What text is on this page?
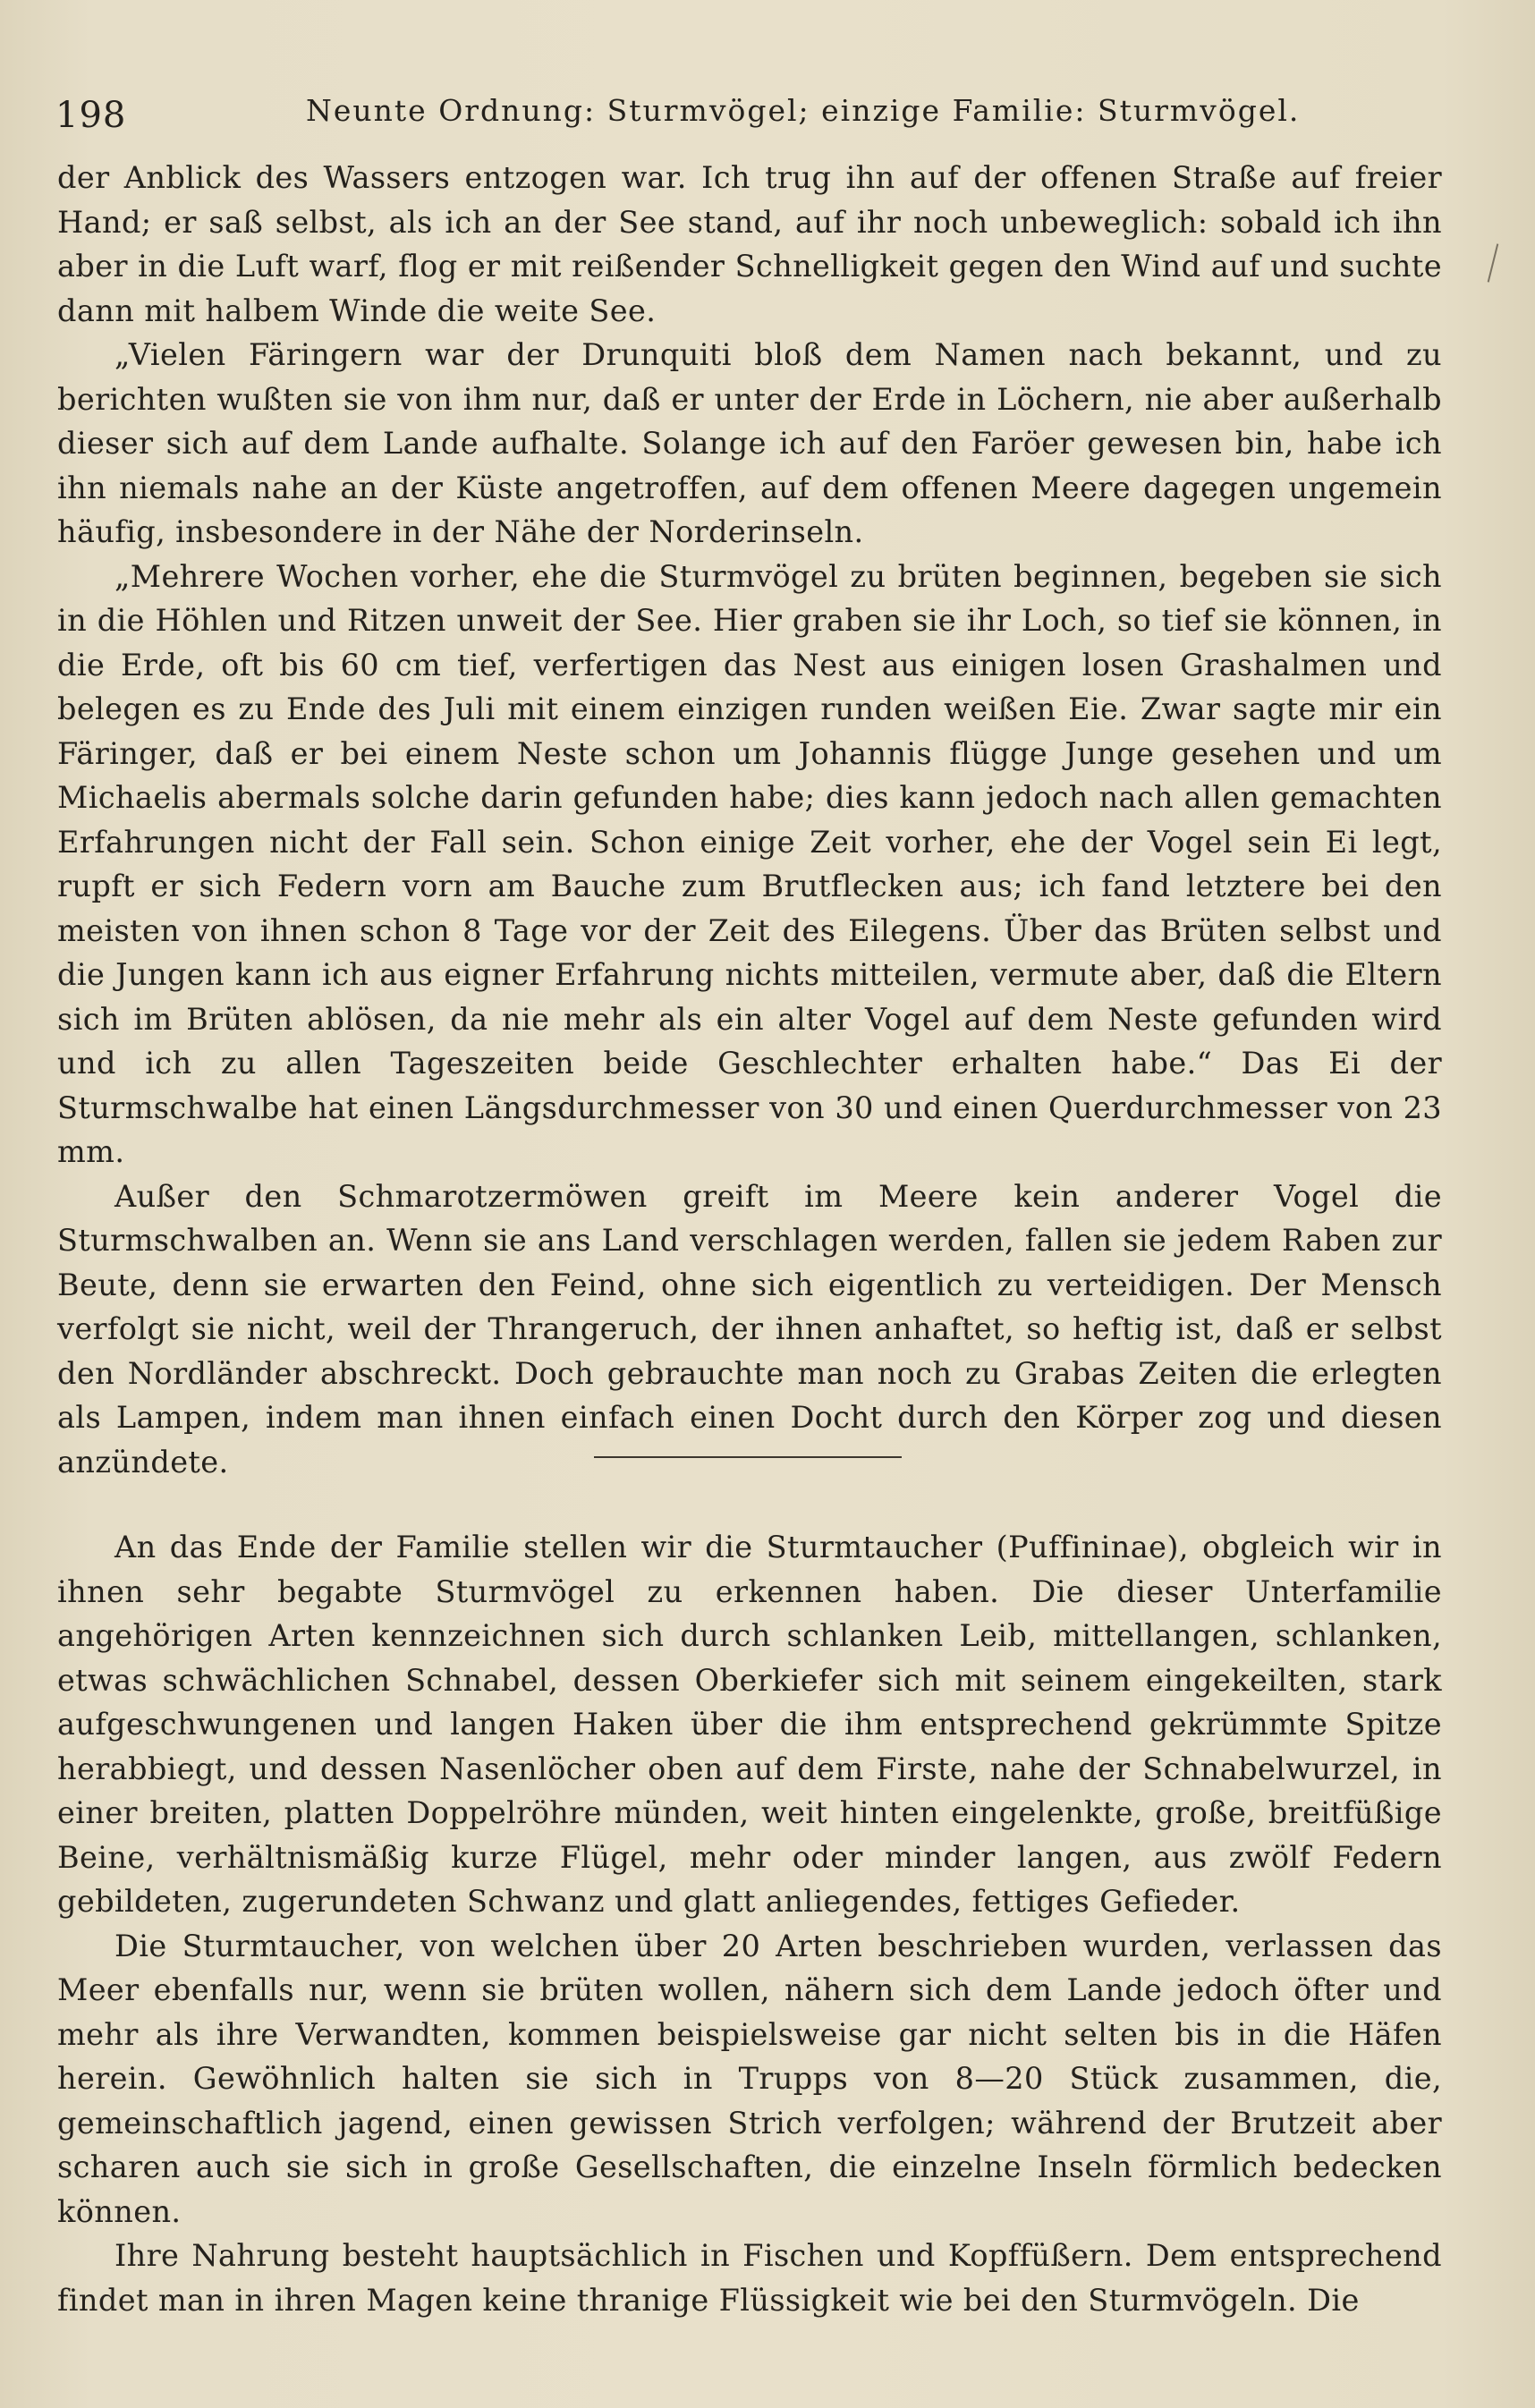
198	Neunte Ordnung: Sturmvögel; einzige Familie: Sturmvögel.

der Anblick des Wassers entzogen war. Ich trug ihn auf der offenen Straße auf freier Hand; er saß selbst, als ich an der See stand, auf ihr noch unbeweglich: sobald ich ihn aber in die Luft warf, flog er mit reißender Schnelligkeit gegen den Wind auf und suchte dann mit halbem Winde die weite See.

„Vielen Färingern war der Drunquiti bloß dem Namen nach bekannt, und zu berichten wußten sie von ihm nur, daß er unter der Erde in Löchern, nie aber außerhalb dieser sich auf dem Lande aufhalte. Solange ich auf den Faröer gewesen bin, habe ich ihn niemals nahe an der Küste angetroffen, auf dem offenen Meere dagegen ungemein häufig, insbesondere in der Nähe der Norderinseln.

„Mehrere Wochen vorher, ehe die Sturmvögel zu brüten beginnen, begeben sie sich in die Höhlen und Ritzen unweit der See. Hier graben sie ihr Loch, so tief sie können, in die Erde, oft bis 60 cm tief, verfertigen das Nest aus einigen losen Grashalmen und belegen es zu Ende des Juli mit einem einzigen runden weißen Eie. Zwar sagte mir ein Färinger, daß er bei einem Neste schon um Johannis flügge Junge gesehen und um Michaelis abermals solche darin gefunden habe; dies kann jedoch nach allen gemachten Erfahrungen nicht der Fall sein. Schon einige Zeit vorher, ehe der Vogel sein Ei legt, rupft er sich Federn vorn am Bauche zum Brutflecken aus; ich fand letztere bei den meisten von ihnen schon 8 Tage vor der Zeit des Eilegens. Über das Brüten selbst und die Jungen kann ich aus eigner Erfahrung nichts mitteilen, vermute aber, daß die Eltern sich im Brüten ablösen, da nie mehr als ein alter Vogel auf dem Neste gefunden wird und ich zu allen Tageszeiten beide Geschlechter erhalten habe.“ Das Ei der Sturmschwalbe hat einen Längsdurchmesser von 30 und einen Querdurchmesser von 23 mm.

Außer den Schmarotzermöwen greift im Meere kein anderer Vogel die Sturmschwalben an. Wenn sie ans Land verschlagen werden, fallen sie jedem Raben zur Beute, denn sie erwarten den Feind, ohne sich eigentlich zu verteidigen. Der Mensch verfolgt sie nicht, weil der Thrangeruch, der ihnen anhaftet, so heftig ist, daß er selbst den Nordländer abschreckt. Doch gebrauchte man noch zu Grabas Zeiten die erlegten als Lampen, indem man ihnen einfach einen Docht durch den Körper zog und diesen anzündete.

An das Ende der Familie stellen wir die Sturmtaucher (Puffininae), obgleich wir in ihnen sehr begabte Sturmvögel zu erkennen haben. Die dieser Unterfamilie angehörigen Arten kennzeichnen sich durch schlanken Leib, mittellangen, schlanken, etwas schwächlichen Schnabel, dessen Oberkiefer sich mit seinem eingekeilten, stark aufgeschwungenen und langen Haken über die ihm entsprechend gekrümmte Spitze herabbiegt, und dessen Nasenlöcher oben auf dem Firste, nahe der Schnabelwurzel, in einer breiten, platten Doppelröhre münden, weit hinten eingelenkte, große, breitfüßige Beine, verhältnismäßig kurze Flügel, mehr oder minder langen, aus zwölf Federn gebildeten, zugerundeten Schwanz und glatt anliegendes, fettiges Gefieder.

Die Sturmtaucher, von welchen über 20 Arten beschrieben wurden, verlassen das Meer ebenfalls nur, wenn sie brüten wollen, nähern sich dem Lande jedoch öfter und mehr als ihre Verwandten, kommen beispielsweise gar nicht selten bis in die Häfen herein. Gewöhnlich halten sie sich in Trupps von 8—20 Stück zusammen, die, gemeinschaftlich jagend, einen gewissen Strich verfolgen; während der Brutzeit aber scharen auch sie sich in große Gesellschaften, die einzelne Inseln förmlich bedecken können.

Ihre Nahrung besteht hauptsächlich in Fischen und Kopffüßern. Dem entsprechend findet man in ihren Magen keine thranige Flüssigkeit wie bei den Sturmvögeln. Die
